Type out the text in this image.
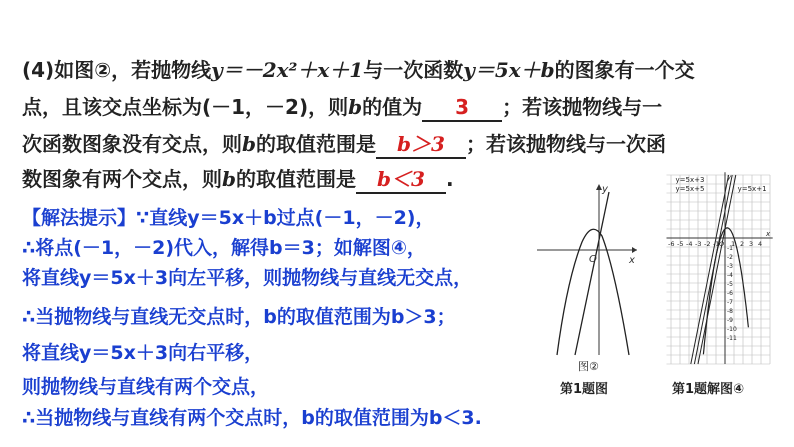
(4)如图②，若抛物线y＝－2x²＋x＋1与一次函数y＝5x＋b的图象有一个交
点，且该交点坐标为(－1，－2)，则b的值为 3 ；若该抛物线与一
次函数图象没有交点，则b的取值范围是 b＞3 ；若该抛物线与一次函
数图象有两个交点，则b的取值范围是 b＜3 .
【解法提示】∵直线y＝5x＋b过点(－1，－2)，
∴将点(－1，－2)代入，解得b＝3；如解图④，
将直线y＝5x＋3向左平移，则抛物线与直线无交点，
∴当抛物线与直线无交点时，b的取值范围为b＞3；
将直线y＝5x＋3向右平移，
则抛物线与直线有两个交点，
∴当抛物线与直线有两个交点时，b的取值范围为b＜3.
y
x
O
图②
第1题图
y=5x+3
y=5x+5	y=5x+1
-6 -5 -4 -3 -2 -1 1 2 3 4
-1
-2
-3
-4
-5
-6
-7
-8
-9
-10
-11
y
x
O
第1题解图④
